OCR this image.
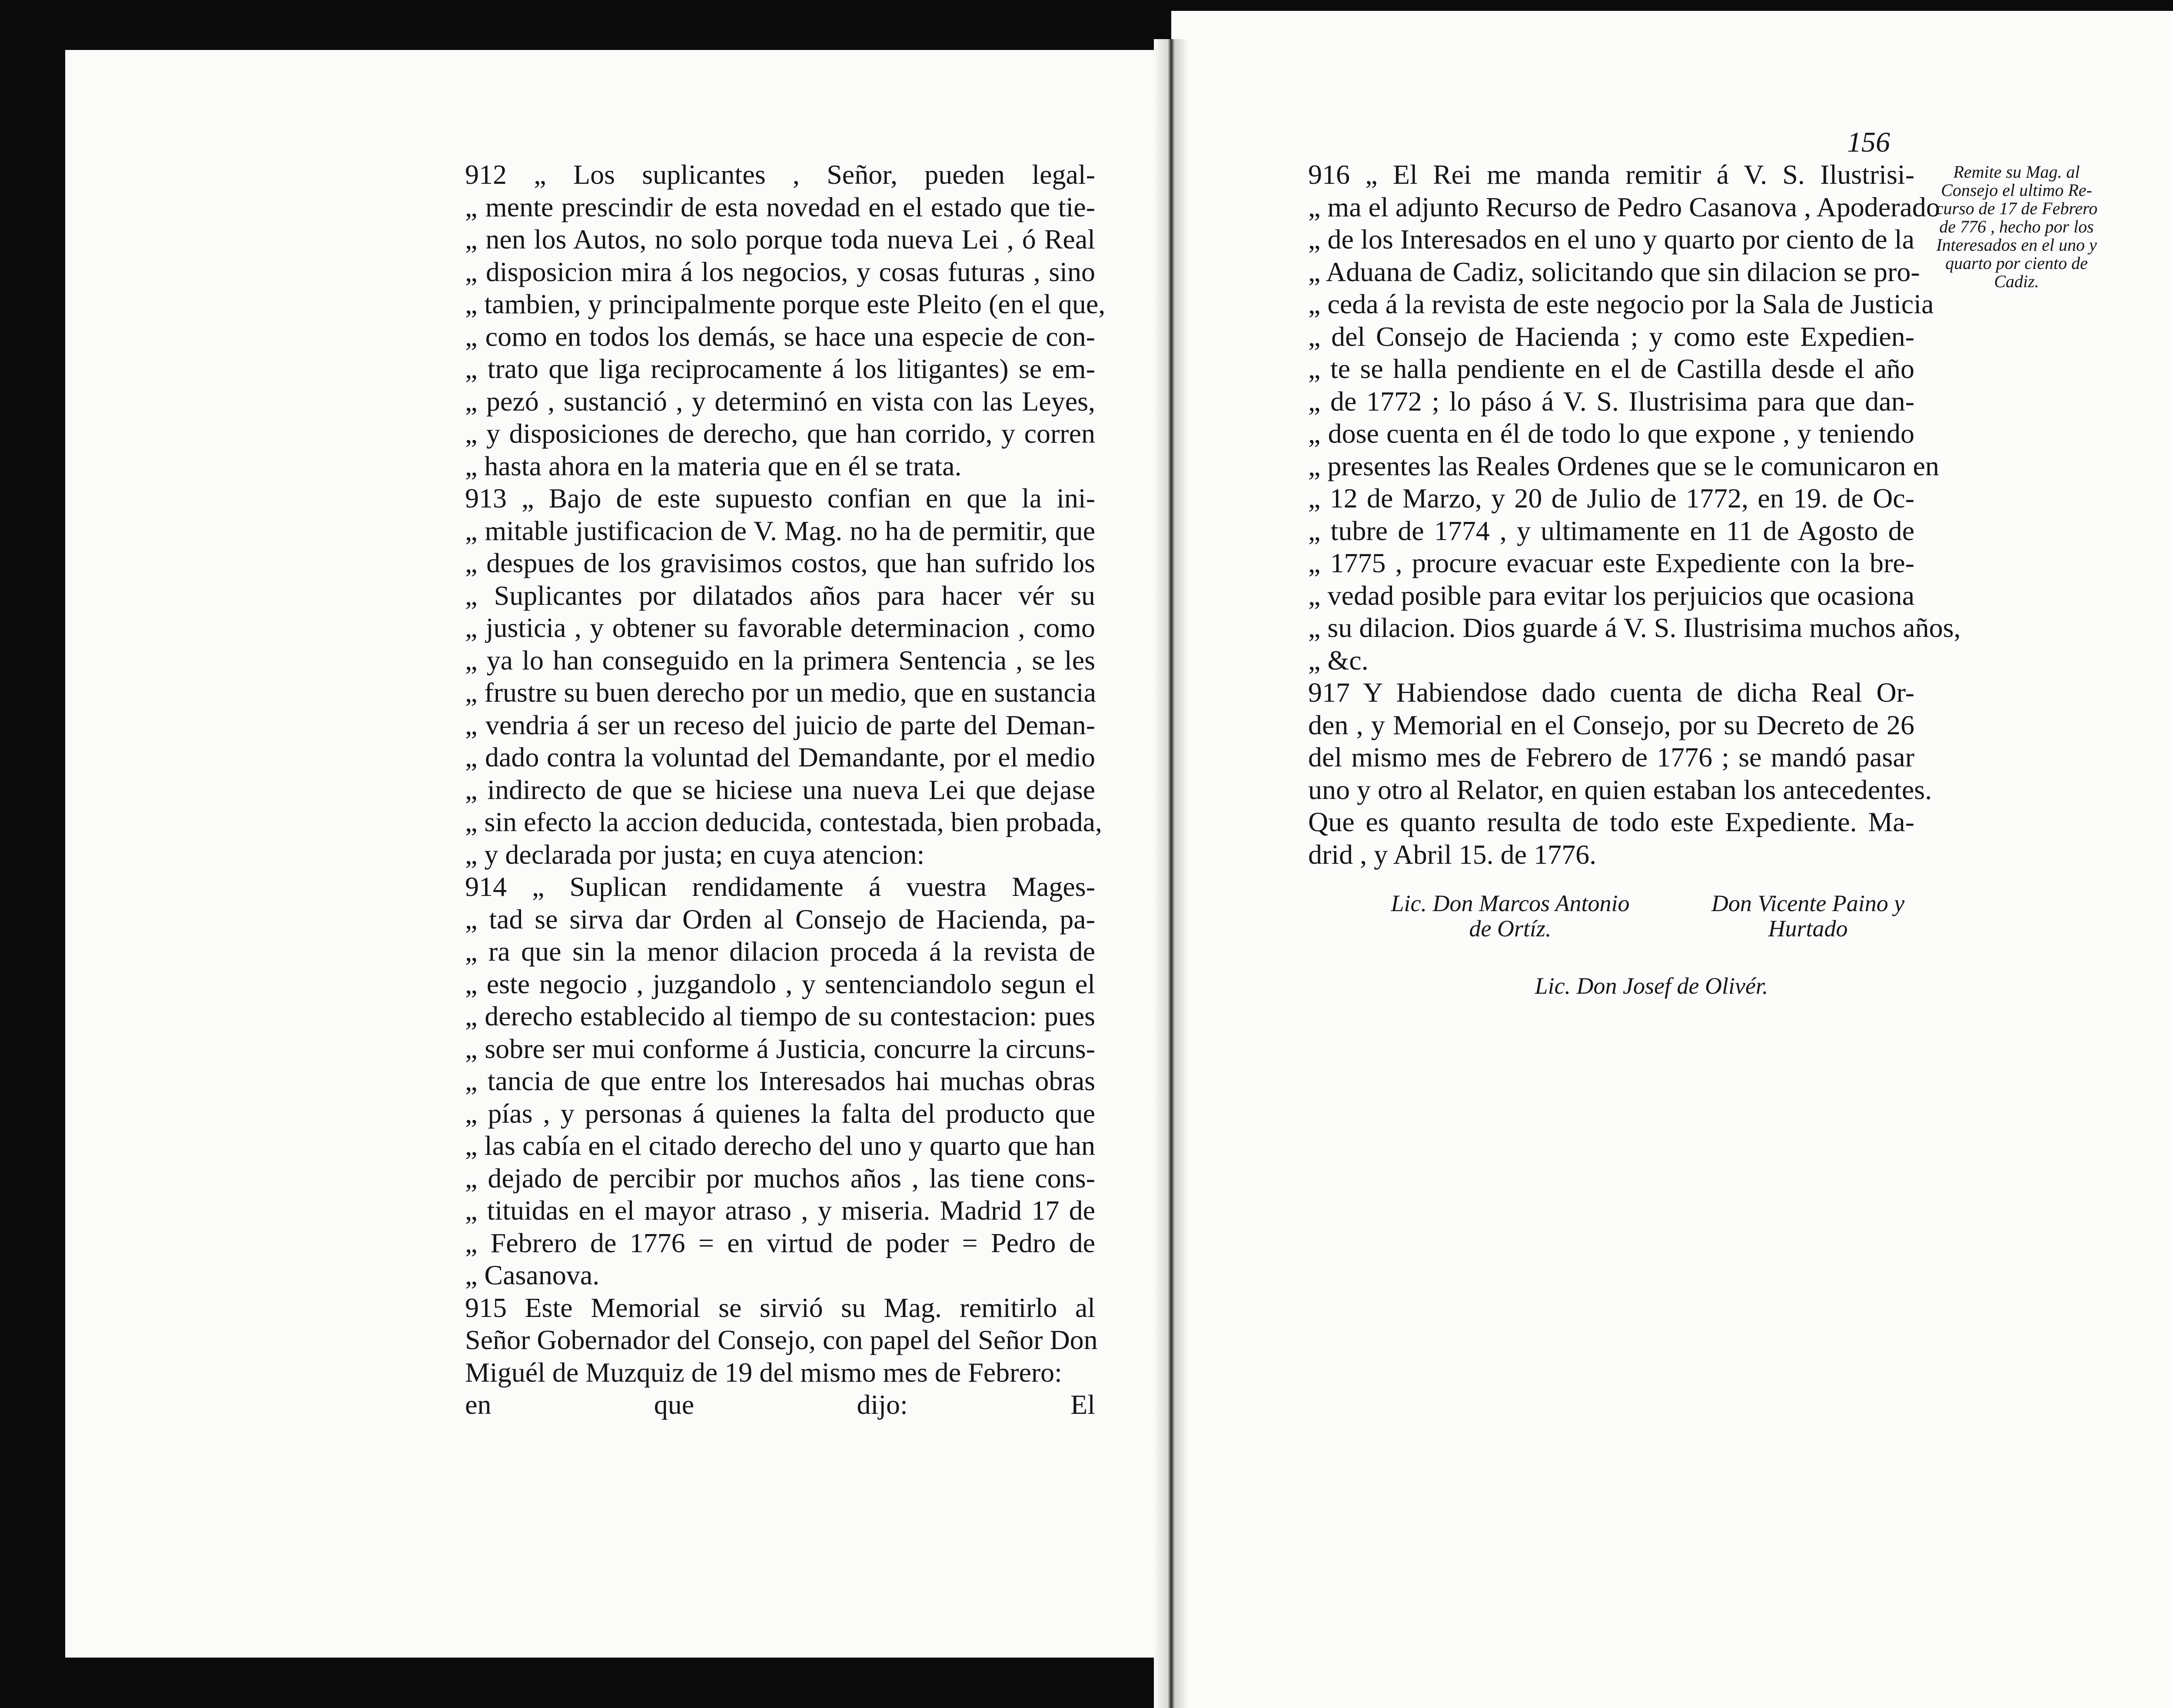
912 „ Los suplicantes , Señor, pueden legal-

„ mente prescindir de esta novedad en el estado que tie-

„ nen los Autos, no solo porque toda nueva Lei , ó Real

„ disposicion mira á los negocios, y cosas futuras , sino

„ tambien, y principalmente porque este Pleito (en el que,

„ como en todos los demás, se hace una especie de con-

„ trato que liga reciprocamente á los litigantes) se em-

„ pezó , sustanció , y determinó en vista con las Leyes,

„ y disposiciones de derecho, que han corrido, y corren

„ hasta ahora en la materia que en él se trata.

913 „ Bajo de este supuesto confian en que la ini-

„ mitable justificacion de V. Mag. no ha de permitir, que

„ despues de los gravisimos costos, que han sufrido los

„ Suplicantes por dilatados años para hacer vér su

„ justicia , y obtener su favorable determinacion , como

„ ya lo han conseguido en la primera Sentencia , se les

„ frustre su buen derecho por un medio, que en sustancia

„ vendria á ser un receso del juicio de parte del Deman-

„ dado contra la voluntad del Demandante, por el medio

„ indirecto de que se hiciese una nueva Lei que dejase

„ sin efecto la accion deducida, contestada, bien probada,

„ y declarada por justa; en cuya atencion:

914 „ Suplican rendidamente á vuestra Mages-

„ tad se sirva dar Orden al Consejo de Hacienda, pa-

„ ra que sin la menor dilacion proceda á la revista de

„ este negocio , juzgandolo , y sentenciandolo segun el

„ derecho establecido al tiempo de su contestacion: pues

„ sobre ser mui conforme á Justicia, concurre la circuns-

„ tancia de que entre los Interesados hai muchas obras

„ pías , y personas á quienes la falta del producto que

„ las cabía en el citado derecho del uno y quarto que han

„ dejado de percibir por muchos años , las tiene cons-

„ tituidas en el mayor atraso , y miseria. Madrid 17 de

„ Febrero de 1776 = en virtud de poder = Pedro de

„ Casanova.

915 Este Memorial se sirvió su Mag. remitirlo al

Señor Gobernador del Consejo, con papel del Señor Don

Miguél de Muzquiz de 19 del mismo mes de Febrero:

en que dijo: El

156

Remite su Mag. al

Consejo el ultimo Re-

curso de 17 de Febrero

de 776 , hecho por los

Interesados en el uno y

quarto por ciento de

Cadiz.

916 „ El Rei me manda remitir á V. S. Ilustrisi-

„ ma el adjunto Recurso de Pedro Casanova , Apoderado

„ de los Interesados en el uno y quarto por ciento de la

„ Aduana de Cadiz, solicitando que sin dilacion se pro-

„ ceda á la revista de este negocio por la Sala de Justicia

„ del Consejo de Hacienda ; y como este Expedien-

„ te se halla pendiente en el de Castilla desde el año

„ de 1772 ; lo páso á V. S. Ilustrisima para que dan-

„ dose cuenta en él de todo lo que expone , y teniendo

„ presentes las Reales Ordenes que se le comunicaron en

„ 12 de Marzo, y 20 de Julio de 1772, en 19. de Oc-

„ tubre de 1774 , y ultimamente en 11 de Agosto de

„ 1775 , procure evacuar este Expediente con la bre-

„ vedad posible para evitar los perjuicios que ocasiona

„ su dilacion. Dios guarde á V. S. Ilustrisima muchos años,

„ &c.

917 Y Habiendose dado cuenta de dicha Real Or-

den , y Memorial en el Consejo, por su Decreto de 26

del mismo mes de Febrero de 1776 ; se mandó pasar

uno y otro al Relator, en quien estaban los antecedentes.

Que es quanto resulta de todo este Expediente. Ma-

drid , y Abril 15. de 1776.

Lic. Don Marcos Antonio

de Ortíz.

Don Vicente Paino y

Hurtado

Lic. Don Josef de Olivér.
